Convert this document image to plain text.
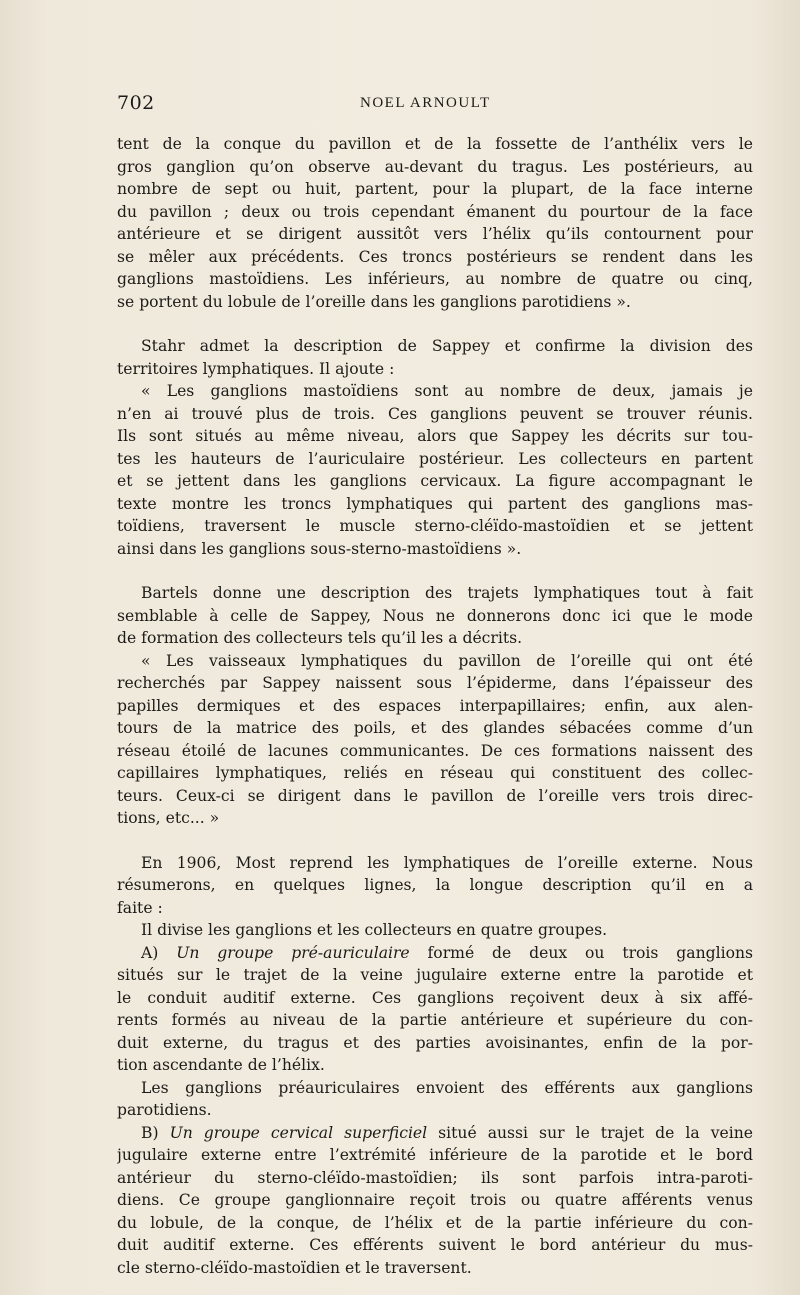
702	NOEL ARNOULT

tent de la conque du pavillon et de la fossette de l’anthélix vers le
gros ganglion qu’on observe au-devant du tragus. Les postérieurs, au
nombre de sept ou huit, partent, pour la plupart, de la face interne
du pavillon ; deux ou trois cependant émanent du pourtour de la face
antérieure et se dirigent aussitôt vers l’hélix qu’ils contournent pour
se mêler aux précédents. Ces troncs postérieurs se rendent dans les
ganglions mastoïdiens. Les inférieurs, au nombre de quatre ou cinq,
se portent du lobule de l’oreille dans les ganglions parotidiens ».

Stahr admet la description de Sappey et confirme la division des
territoires lymphatiques. Il ajoute :

« Les ganglions mastoïdiens sont au nombre de deux, jamais je
n’en ai trouvé plus de trois. Ces ganglions peuvent se trouver réunis.
Ils sont situés au même niveau, alors que Sappey les décrits sur tou-
tes les hauteurs de l’auriculaire postérieur. Les collecteurs en partent
et se jettent dans les ganglions cervicaux. La figure accompagnant le
texte montre les troncs lymphatiques qui partent des ganglions mas-
toïdiens, traversent le muscle sterno-cléïdo-mastoïdien et se jettent
ainsi dans les ganglions sous-sterno-mastoïdiens ».

Bartels donne une description des trajets lymphatiques tout à fait
semblable à celle de Sappey, Nous ne donnerons donc ici que le mode
de formation des collecteurs tels qu’il les a décrits.

« Les vaisseaux lymphatiques du pavillon de l’oreille qui ont été
recherchés par Sappey naissent sous l’épiderme, dans l’épaisseur des
papilles dermiques et des espaces interpapillaires; enfin, aux alen-
tours de la matrice des poils, et des glandes sébacées comme d’un
réseau étoilé de lacunes communicantes. De ces formations naissent des
capillaires lymphatiques, reliés en réseau qui constituent des collec-
teurs. Ceux-ci se dirigent dans le pavillon de l’oreille vers trois direc-
tions, etc... »

En 1906, Most reprend les lymphatiques de l’oreille externe. Nous
résumerons, en quelques lignes, la longue description qu’il en a
faite :

Il divise les ganglions et les collecteurs en quatre groupes.

A) Un groupe pré-auriculaire formé de deux ou trois ganglions
situés sur le trajet de la veine jugulaire externe entre la parotide et
le conduit auditif externe. Ces ganglions reçoivent deux à six affé-
rents formés au niveau de la partie antérieure et supérieure du con-
duit externe, du tragus et des parties avoisinantes, enfin de la por-
tion ascendante de l’hélix.

Les ganglions préauriculaires envoient des efférents aux ganglions
parotidiens.

B) Un groupe cervical superficiel situé aussi sur le trajet de la veine
jugulaire externe entre l’extrémité inférieure de la parotide et le bord
antérieur du sterno-cléïdo-mastoïdien; ils sont parfois intra-paroti-
diens. Ce groupe ganglionnaire reçoit trois ou quatre afférents venus
du lobule, de la conque, de l’hélix et de la partie inférieure du con-
duit auditif externe. Ces efférents suivent le bord antérieur du mus-
cle sterno-cléïdo-mastoïdien et le traversent.
